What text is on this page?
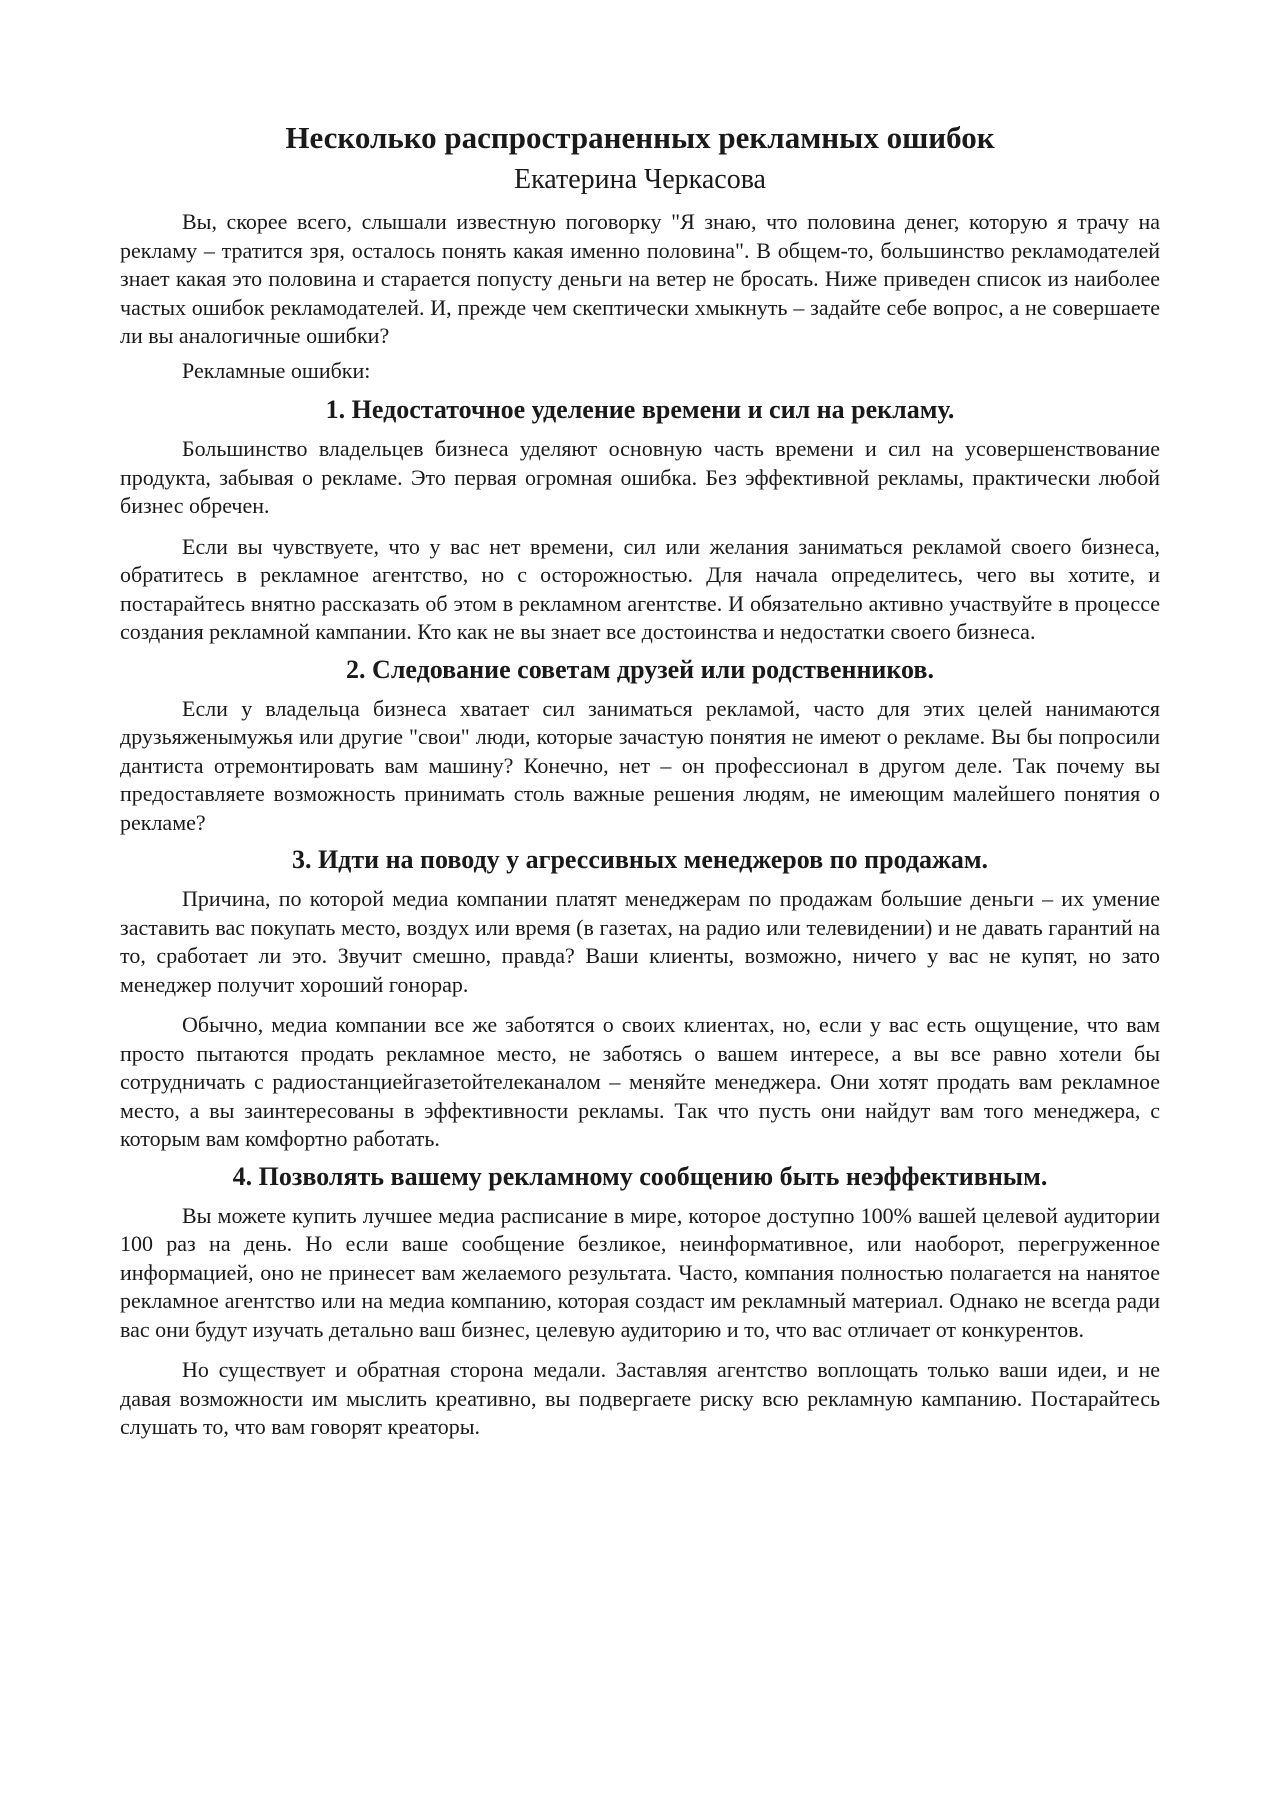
Несколько распространенных рекламных ошибок
Екатерина Черкасова

Вы, скорее всего, слышали известную поговорку "Я знаю, что половина денег, которую я трачу на рекламу – тратится зря, осталось понять какая именно половина". В общем-то, большинство рекламодателей знает какая это половина и старается попусту деньги на ветер не бросать. Ниже приведен список из наиболее частых ошибок рекламодателей. И, прежде чем скептически хмыкнуть – задайте себе вопрос, а не совершаете ли вы аналогичные ошибки?

Рекламные ошибки:

1. Недостаточное уделение времени и сил на рекламу.

Большинство владельцев бизнеса уделяют основную часть времени и сил на усовершенствование продукта, забывая о рекламе. Это первая огромная ошибка. Без эффективной рекламы, практически любой бизнес обречен.

Если вы чувствуете, что у вас нет времени, сил или желания заниматься рекламой своего бизнеса, обратитесь в рекламное агентство, но с осторожностью. Для начала определитесь, чего вы хотите, и постарайтесь внятно рассказать об этом в рекламном агентстве. И обязательно активно участвуйте в процессе создания рекламной кампании. Кто как не вы знает все достоинства и недостатки своего бизнеса.

2. Следование советам друзей или родственников.

Если у владельца бизнеса хватает сил заниматься рекламой, часто для этих целей нанимаются друзьяженымужья или другие "свои" люди, которые зачастую понятия не имеют о рекламе. Вы бы попросили дантиста отремонтировать вам машину? Конечно, нет – он профессионал в другом деле. Так почему вы предоставляете возможность принимать столь важные решения людям, не имеющим малейшего понятия о рекламе?

3. Идти на поводу у агрессивных менеджеров по продажам.

Причина, по которой медиа компании платят менеджерам по продажам большие деньги – их умение заставить вас покупать место, воздух или время (в газетах, на радио или телевидении) и не давать гарантий на то, сработает ли это. Звучит смешно, правда? Ваши клиенты, возможно, ничего у вас не купят, но зато менеджер получит хороший гонорар.

Обычно, медиа компании все же заботятся о своих клиентах, но, если у вас есть ощущение, что вам просто пытаются продать рекламное место, не заботясь о вашем интересе, а вы все равно хотели бы сотрудничать с радиостанциейгазетойтелеканалом – меняйте менеджера. Они хотят продать вам рекламное место, а вы заинтересованы в эффективности рекламы. Так что пусть они найдут вам того менеджера, с которым вам комфортно работать.

4. Позволять вашему рекламному сообщению быть неэффективным.

Вы можете купить лучшее медиа расписание в мире, которое доступно 100% вашей целевой аудитории 100 раз на день. Но если ваше сообщение безликое, неинформативное, или наоборот, перегруженное информацией, оно не принесет вам желаемого результата. Часто, компания полностью полагается на нанятое рекламное агентство или на медиа компанию, которая создаст им рекламный материал. Однако не всегда ради вас они будут изучать детально ваш бизнес, целевую аудиторию и то, что вас отличает от конкурентов.

Но существует и обратная сторона медали. Заставляя агентство воплощать только ваши идеи, и не давая возможности им мыслить креативно, вы подвергаете риску всю рекламную кампанию. Постарайтесь слушать то, что вам говорят креаторы.
